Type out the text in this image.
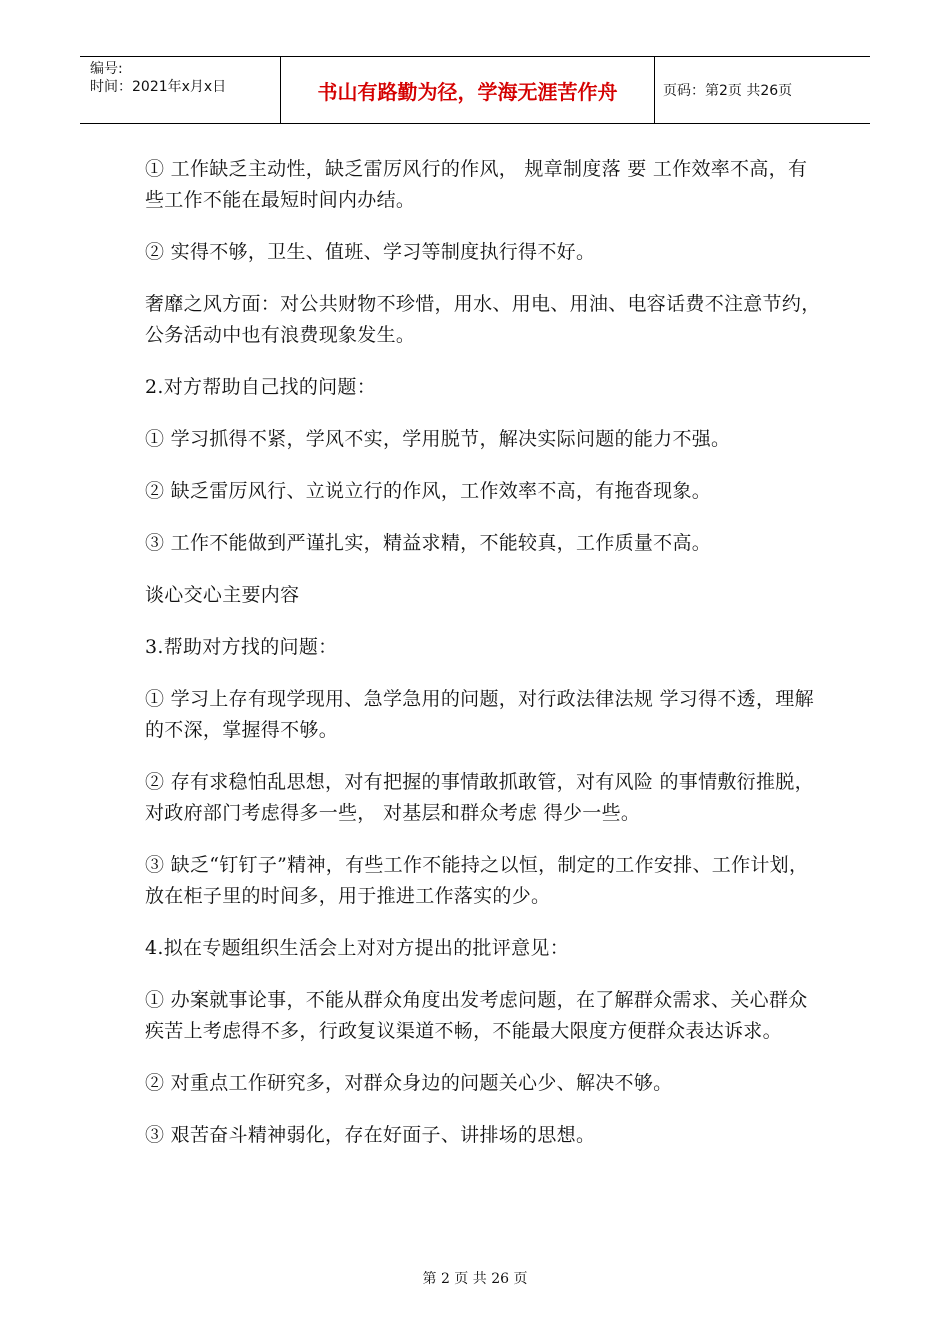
编号:
时间：2021年x月x日	书山有路勤为径，学海无涯苦作舟	页码：第2页 共26页

① 工作缺乏主动性，缺乏雷厉风行的作风， 规章制度落 要 工作效率不高，有些工作不能在最短时间内办结。

② 实得不够，卫生、值班、学习等制度执行得不好。

奢靡之风方面：对公共财物不珍惜，用水、用电、用油、电容话费不注意节约，公务活动中也有浪费现象发生。

2.对方帮助自己找的问题：

① 学习抓得不紧，学风不实，学用脱节，解决实际问题的能力不强。

② 缺乏雷厉风行、立说立行的作风，工作效率不高，有拖沓现象。

③ 工作不能做到严谨扎实，精益求精，不能较真，工作质量不高。

谈心交心主要内容

3.帮助对方找的问题：

① 学习上存有现学现用、急学急用的问题，对行政法律法规 学习得不透，理解的不深，掌握得不够。

② 存有求稳怕乱思想，对有把握的事情敢抓敢管，对有风险 的事情敷衍推脱，对政府部门考虑得多一些， 对基层和群众考虑 得少一些。

③ 缺乏“钉钉子”精神，有些工作不能持之以恒，制定的工作安排、工作计划，放在柜子里的时间多，用于推进工作落实的少。

4.拟在专题组织生活会上对对方提出的批评意见：

① 办案就事论事，不能从群众角度出发考虑问题，在了解群众需求、关心群众疾苦上考虑得不多，行政复议渠道不畅，不能最大限度方便群众表达诉求。

② 对重点工作研究多，对群众身边的问题关心少、解决不够。

③ 艰苦奋斗精神弱化，存在好面子、讲排场的思想。

第 2 页 共 26 页
